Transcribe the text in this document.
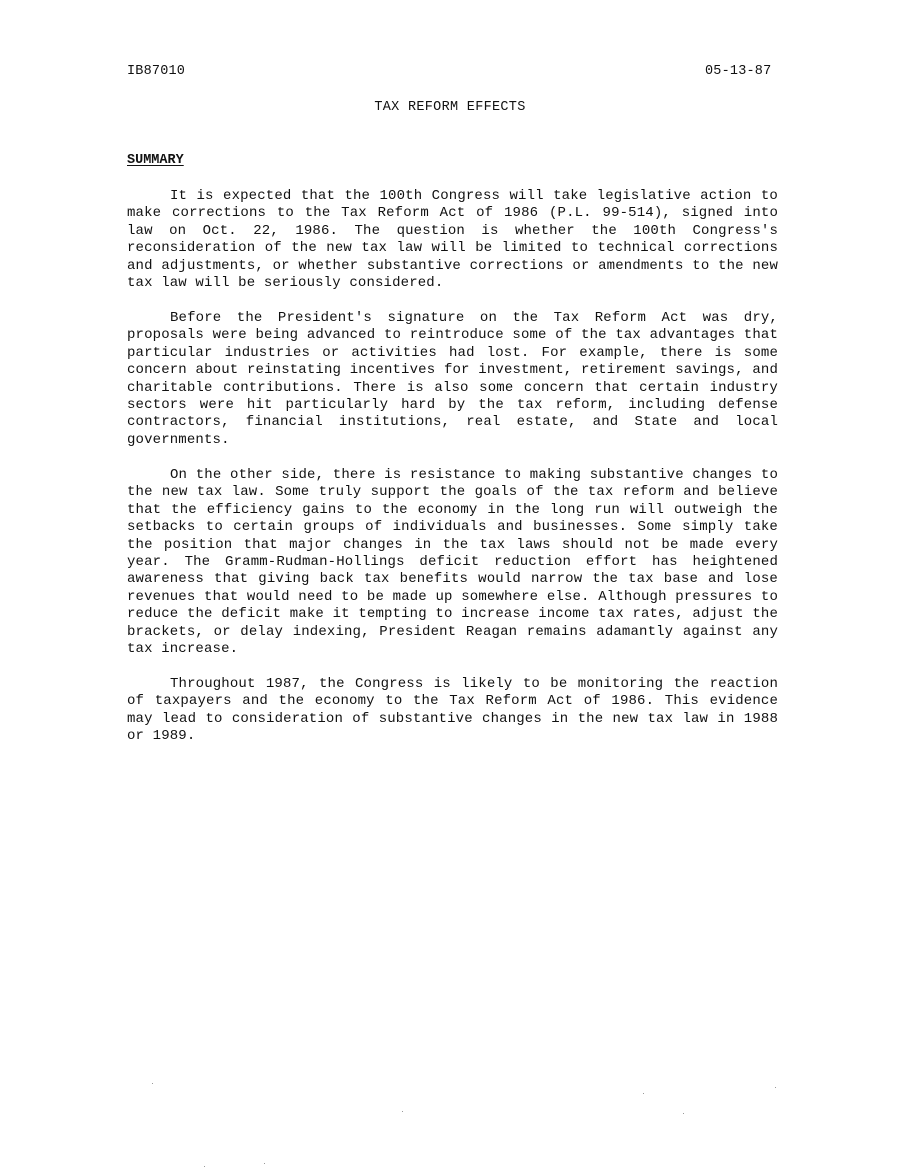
IB87010	05-13-87
TAX REFORM EFFECTS
SUMMARY

It is expected that the 100th Congress will take legislative action to make corrections to the Tax Reform Act of 1986 (P.L. 99-514), signed into law on Oct. 22, 1986. The question is whether the 100th Congress's reconsideration of the new tax law will be limited to technical corrections and adjustments, or whether substantive corrections or amendments to the new tax law will be seriously considered.

Before the President's signature on the Tax Reform Act was dry, proposals were being advanced to reintroduce some of the tax advantages that particular industries or activities had lost. For example, there is some concern about reinstating incentives for investment, retirement savings, and charitable contributions. There is also some concern that certain industry sectors were hit particularly hard by the tax reform, including defense contractors, financial institutions, real estate, and State and local governments.

On the other side, there is resistance to making substantive changes to the new tax law. Some truly support the goals of the tax reform and believe that the efficiency gains to the economy in the long run will outweigh the setbacks to certain groups of individuals and businesses. Some simply take the position that major changes in the tax laws should not be made every year. The Gramm-Rudman-Hollings deficit reduction effort has heightened awareness that giving back tax benefits would narrow the tax base and lose revenues that would need to be made up somewhere else. Although pressures to reduce the deficit make it tempting to increase income tax rates, adjust the brackets, or delay indexing, President Reagan remains adamantly against any tax increase.

Throughout 1987, the Congress is likely to be monitoring the reaction of taxpayers and the economy to the Tax Reform Act of 1986. This evidence may lead to consideration of substantive changes in the new tax law in 1988 or 1989.
